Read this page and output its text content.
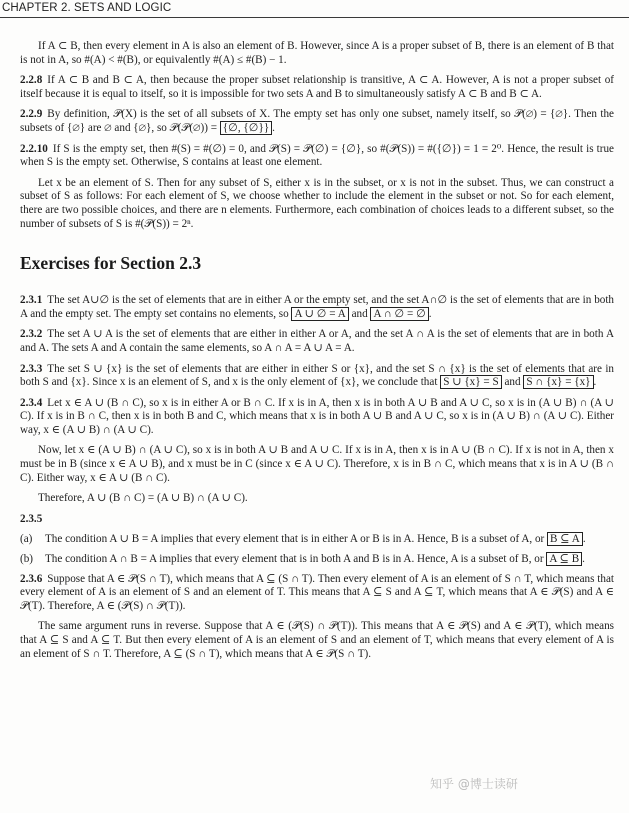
CHAPTER 2. SETS AND LOGIC

If A ⊂ B, then every element in A is also an element of B. However, since A is a proper subset of B, there is an element of B that is not in A, so #(A) < #(B), or equivalently #(A) ≤ #(B) − 1.

2.2.8 If A ⊂ B and B ⊂ A, then because the proper subset relationship is transitive, A ⊂ A. However, A is not a proper subset of itself because it is equal to itself, so it is impossible for two sets A and B to simultaneously satisfy A ⊂ B and B ⊂ A.

2.2.9 By definition, 𝒫(X) is the set of all subsets of X. The empty set has only one subset, namely itself, so 𝒫(∅) = {∅}. Then the subsets of {∅} are ∅ and {∅}, so 𝒫(𝒫(∅)) = {∅, {∅}} .

2.2.10 If S is the empty set, then #(S) = #(∅) = 0, and 𝒫(S) = 𝒫(∅) = {∅}, so #(𝒫(S)) = #({∅}) = 1 = 2⁰. Hence, the result is true when S is the empty set. Otherwise, S contains at least one element.

Let x be an element of S. Then for any subset of S, either x is in the subset, or x is not in the subset. Thus, we can construct a subset of S as follows: For each element of S, we choose whether to include the element in the subset or not. So for each element, there are two possible choices, and there are n elements. Furthermore, each combination of choices leads to a different subset, so the number of subsets of S is #(𝒫(S)) = 2ⁿ.

Exercises for Section 2.3

2.3.1 The set A∪∅ is the set of elements that are in either A or the empty set, and the set A∩∅ is the set of elements that are in both A and the empty set. The empty set contains no elements, so A ∪ ∅ = A and A ∩ ∅ = ∅ .

2.3.2 The set A ∪ A is the set of elements that are either in either A or A, and the set A ∩ A is the set of elements that are in both A and A. The sets A and A contain the same elements, so A ∩ A = A ∪ A = A.

2.3.3 The set S ∪ {x} is the set of elements that are either in either S or {x}, and the set S ∩ {x} is the set of elements that are in both S and {x}. Since x is an element of S, and x is the only element of {x}, we conclude that S ∪ {x} = S and S ∩ {x} = {x} .

2.3.4 Let x ∈ A ∪ (B ∩ C), so x is in either A or B ∩ C. If x is in A, then x is in both A ∪ B and A ∪ C, so x is in (A ∪ B) ∩ (A ∪ C). If x is in B ∩ C, then x is in both B and C, which means that x is in both A ∪ B and A ∪ C, so x is in (A ∪ B) ∩ (A ∪ C). Either way, x ∈ (A ∪ B) ∩ (A ∪ C).

Now, let x ∈ (A ∪ B) ∩ (A ∪ C), so x is in both A ∪ B and A ∪ C. If x is in A, then x is in A ∪ (B ∩ C). If x is not in A, then x must be in B (since x ∈ A ∪ B), and x must be in C (since x ∈ A ∪ C). Therefore, x is in B ∩ C, which means that x is in A ∪ (B ∩ C). Either way, x ∈ A ∪ (B ∩ C).

Therefore, A ∪ (B ∩ C) = (A ∪ B) ∩ (A ∪ C).

2.3.5

(a) The condition A ∪ B = A implies that every element that is in either A or B is in A. Hence, B is a subset of A, or B ⊆ A .
(b) The condition A ∩ B = A implies that every element that is in both A and B is in A. Hence, A is a subset of B, or A ⊆ B .

2.3.6 Suppose that A ∈ 𝒫(S ∩ T), which means that A ⊆ (S ∩ T). Then every element of A is an element of S ∩ T, which means that every element of A is an element of S and an element of T. This means that A ⊆ S and A ⊆ T, which means that A ∈ 𝒫(S) and A ∈ 𝒫(T). Therefore, A ∈ (𝒫(S) ∩ 𝒫(T)).

The same argument runs in reverse. Suppose that A ∈ (𝒫(S) ∩ 𝒫(T)). This means that A ∈ 𝒫(S) and A ∈ 𝒫(T), which means that A ⊆ S and A ⊆ T. But then every element of A is an element of S and an element of T, which means that every element of A is an element of S ∩ T. Therefore, A ⊆ (S ∩ T), which means that A ∈ 𝒫(S ∩ T).

知乎 @博士读研
